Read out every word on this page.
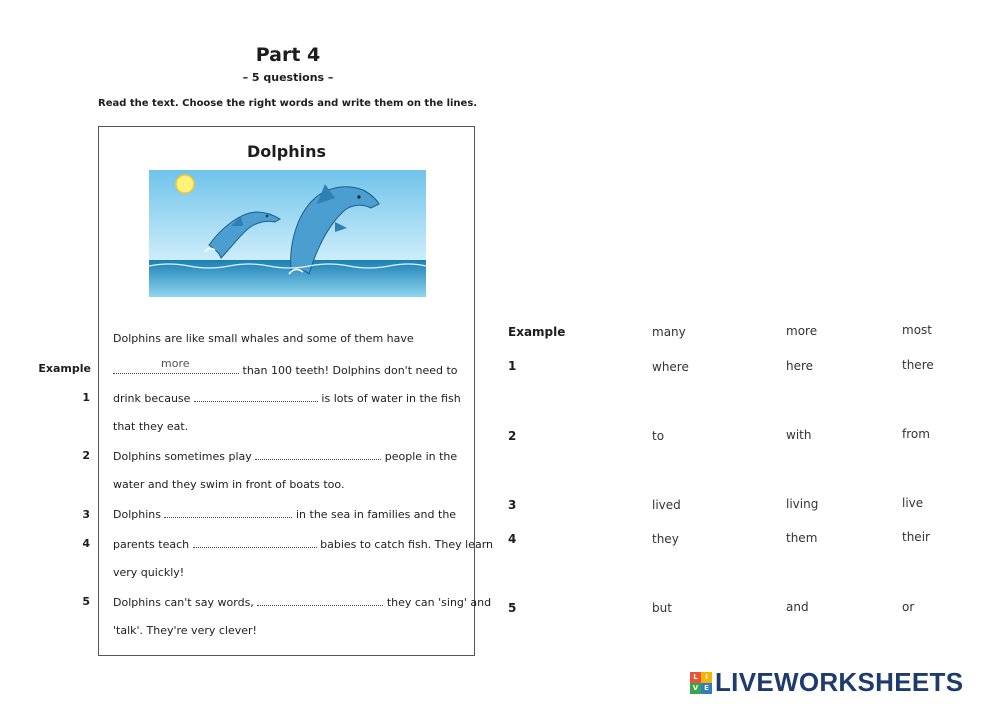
Part 4
– 5 questions –
Read the text. Choose the right words and write them on the lines.
Dolphins
Dolphins are like small whales and some of them have
Example	more
than 100 teeth! Dolphins don't need to
1 drink because	is lots of water in the fish
that they eat.
2 Dolphins sometimes play	people in the
water and they swim in front of boats too.
3 Dolphins	in the sea in families and the
4 parents teach	babies to catch fish. They learn
very quickly!
5 Dolphins can't say words,	they can 'sing' and
'talk'. They're very clever!
Example	many	more	most
1	where	here	there
2	to	with	from
3	lived	living	live
4	they	them	their
5	but	and	or
L	I
V E LIVEWORKSHEETS
